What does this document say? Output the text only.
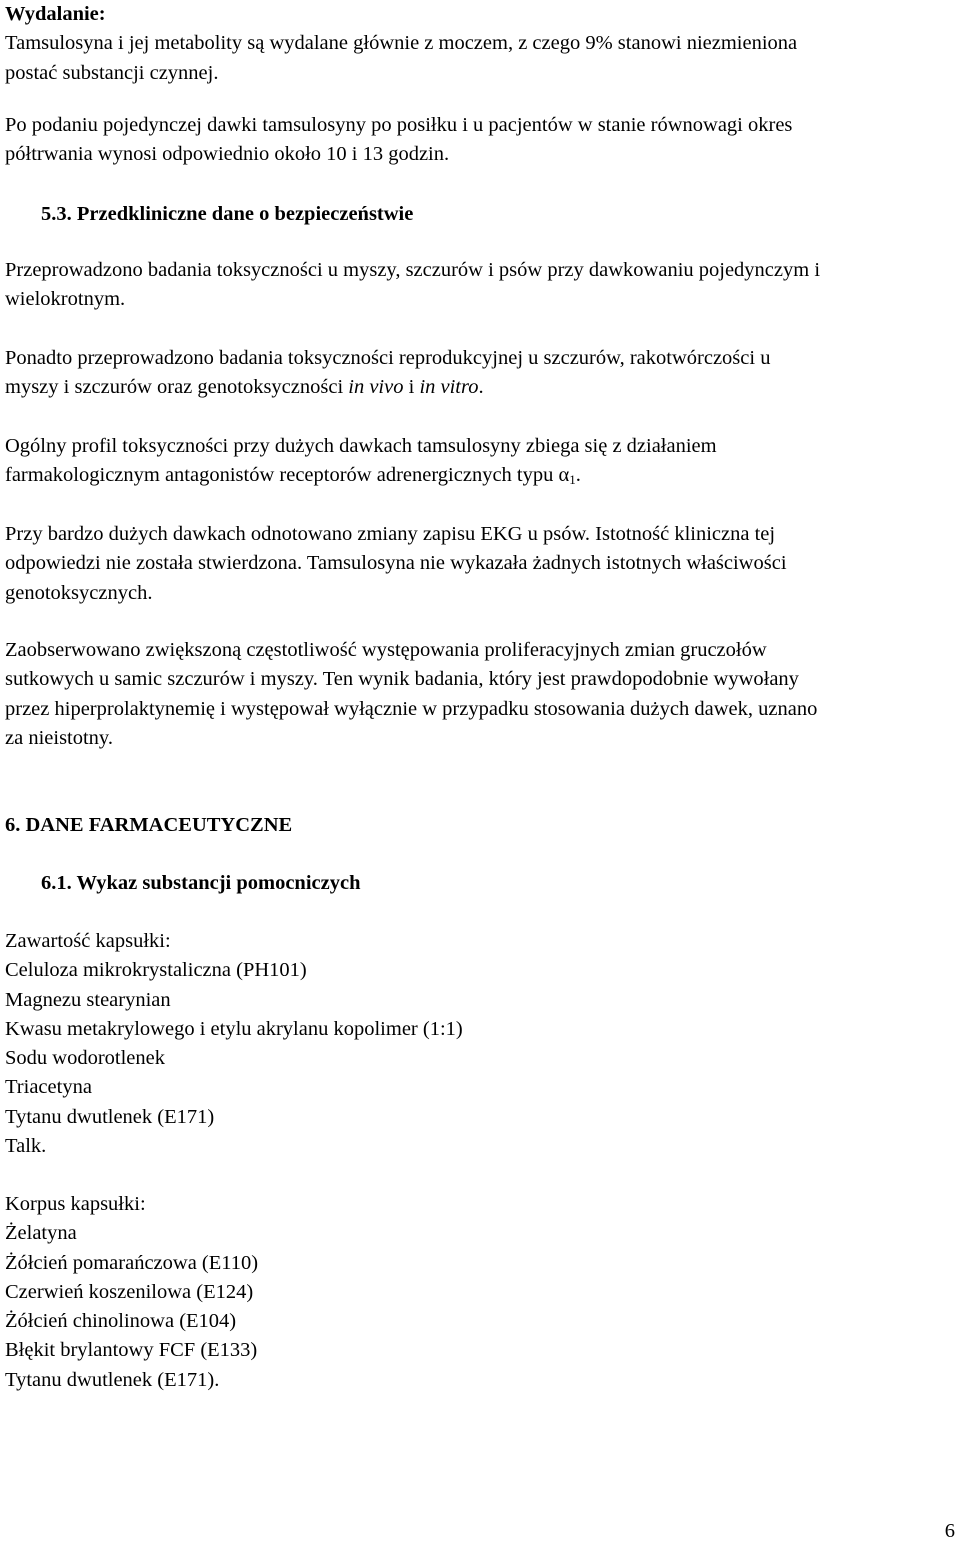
Wydalanie:
Tamsulosyna i jej metabolity są wydalane głównie z moczem, z czego 9% stanowi niezmieniona
postać substancji czynnej.
Po podaniu pojedynczej dawki tamsulosyny po posiłku i u pacjentów w stanie równowagi okres
półtrwania wynosi odpowiednio około 10 i 13 godzin.
5.3. Przedkliniczne dane o bezpieczeństwie
Przeprowadzono badania toksyczności u myszy, szczurów i psów przy dawkowaniu pojedynczym i
wielokrotnym.
Ponadto przeprowadzono badania toksyczności reprodukcyjnej u szczurów, rakotwórczości u
myszy i szczurów oraz genotoksyczności in vivo i in vitro.
Ogólny profil toksyczności przy dużych dawkach tamsulosyny zbiega się z działaniem
farmakologicznym antagonistów receptorów adrenergicznych typu $\alpha_1$.
Przy bardzo dużych dawkach odnotowano zmiany zapisu EKG u psów. Istotność kliniczna tej
odpowiedzi nie została stwierdzona. Tamsulosyna nie wykazała żadnych istotnych właściwości
genotoksycznych.
Zaobserwowano zwiększoną częstotliwość występowania proliferacyjnych zmian gruczołów
sutkowych u samic szczurów i myszy. Ten wynik badania, który jest prawdopodobnie wywołany
przez hiperprolaktynemię i występował wyłącznie w przypadku stosowania dużych dawek, uznano
za nieistotny.
6. DANE FARMACEUTYCZNE
6.1. Wykaz substancji pomocniczych
Zawartość kapsułki:
Celuloza mikrokrystaliczna (PH101)
Magnezu stearynian
Kwasu metakrylowego i etylu akrylanu kopolimer (1:1)
Sodu wodorotlenek
Triacetyna
Tytanu dwutlenek (E171)
Talk.
Korpus kapsułki:
Żelatyna
Żółcień pomarańczowa (E110)
Czerwień koszenilowa (E124)
Żółcień chinolinowa (E104)
Błękit brylantowy FCF (E133)
Tytanu dwutlenek (E171).
6
